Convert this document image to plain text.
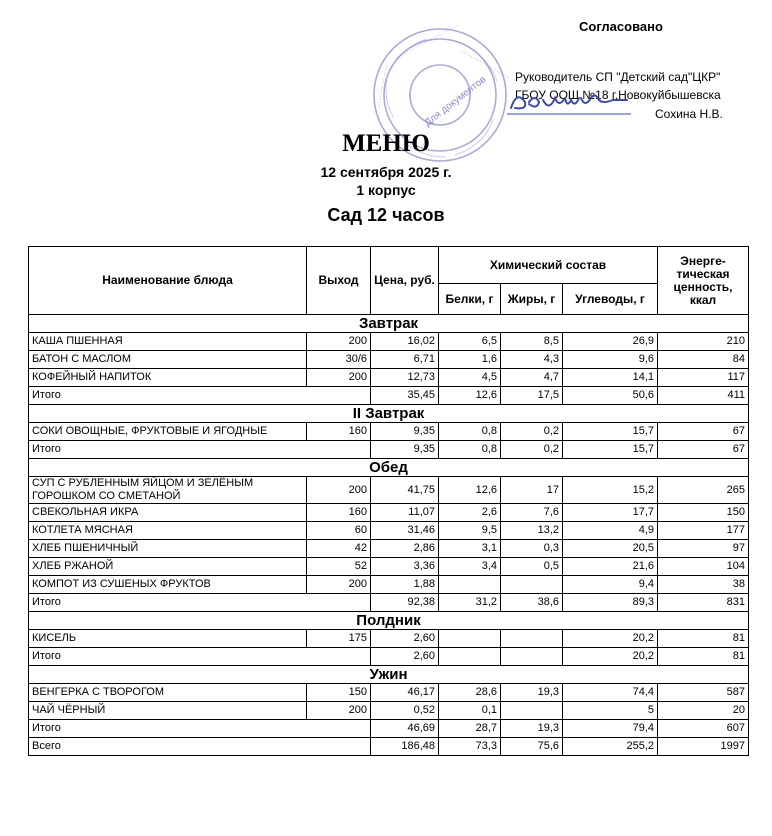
…………………………
…………………
………………	Для документов
Согласовано
Руководитель СП "Детский сад"ЦКР"
ГБОУ ООШ №18 г.Новокуйбышевска
Сохина Н.В.
МЕНЮ
12 сентября 2025 г.
1 корпус
Сад 12 часов
Наименование блюда	Выход	Цена, руб.	Химический состав			Энерге-тическая ценность, ккал
			Белки, г	Жиры, г	Углеводы, г	
Завтрак						
КАША ПШЕННАЯ	200	16,02	6,5	8,5	26,9	210
БАТОН С МАСЛОМ	30/6	6,71	1,6	4,3	9,6	84
КОФЕЙНЫЙ НАПИТОК	200	12,73	4,5	4,7	14,1	117
Итого		35,45	12,6	17,5	50,6	411
II Завтрак						
СОКИ ОВОЩНЫЕ, ФРУКТОВЫЕ И ЯГОДНЫЕ	160	9,35	0,8	0,2	15,7	67
Итого		9,35	0,8	0,2	15,7	67
Обед						
СУП С РУБЛЕННЫМ ЯЙЦОМ И ЗЕЛЁНЫМ ГОРОШКОМ СО СМЕТАНОЙ	200	41,75	12,6	17	15,2	265
СВЕКОЛЬНАЯ ИКРА	160	11,07	2,6	7,6	17,7	150
КОТЛЕТА МЯСНАЯ	60	31,46	9,5	13,2	4,9	177
ХЛЕБ ПШЕНИЧНЫЙ	42	2,86	3,1	0,3	20,5	97
ХЛЕБ РЖАНОЙ	52	3,36	3,4	0,5	21,6	104
КОМПОТ ИЗ СУШЕНЫХ ФРУКТОВ	200	1,88			9,4	38
Итого		92,38	31,2	38,6	89,3	831
Полдник						
КИСЕЛЬ	175	2,60			20,2	81
Итого		2,60			20,2	81
Ужин						
ВЕНГЕРКА С ТВОРОГОМ	150	46,17	28,6	19,3	74,4	587
ЧАЙ ЧЁРНЫЙ	200	0,52	0,1		5	20
Итого		46,69	28,7	19,3	79,4	607
Всего		186,48	73,3	75,6	255,2	1997
